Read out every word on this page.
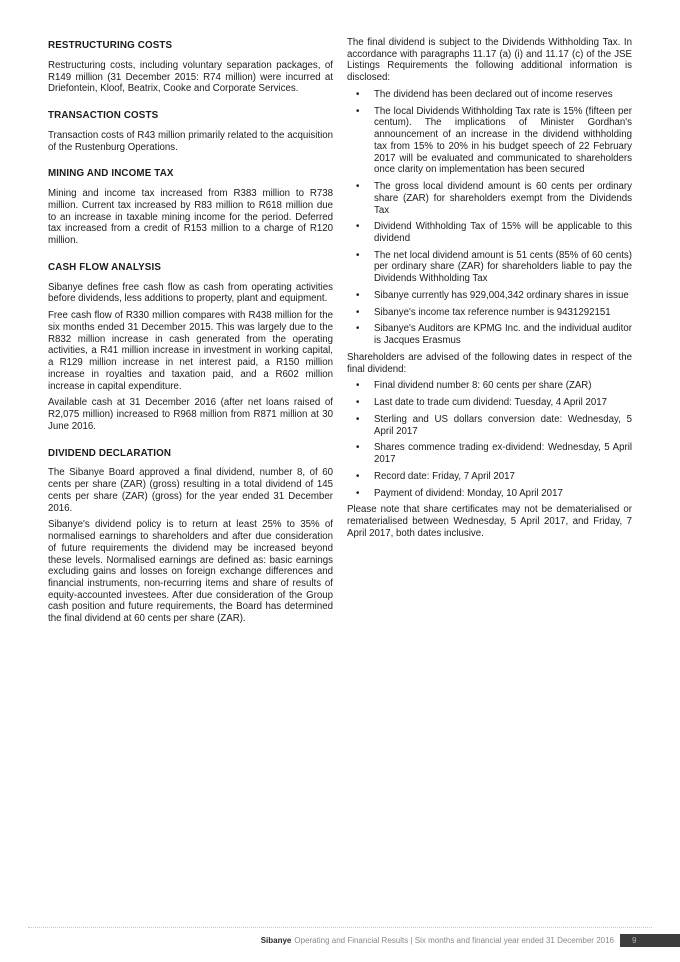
RESTRUCTURING COSTS
Restructuring costs, including voluntary separation packages, of R149 million (31 December 2015: R74 million) were incurred at Driefontein, Kloof, Beatrix, Cooke and Corporate Services.
TRANSACTION COSTS
Transaction costs of R43 million primarily related to the acquisition of the Rustenburg Operations.
MINING AND INCOME TAX
Mining and income tax increased from R383 million to R738 million. Current tax increased by R83 million to R618 million due to an increase in taxable mining income for the period. Deferred tax increased from a credit of R153 million to a charge of R120 million.
CASH FLOW ANALYSIS
Sibanye defines free cash flow as cash from operating activities before dividends, less additions to property, plant and equipment.
Free cash flow of R330 million compares with R438 million for the six months ended 31 December 2015. This was largely due to the R832 million increase in cash generated from the operating activities, a R41 million increase in investment in working capital, a R129 million increase in net interest paid, a R150 million increase in royalties and taxation paid, and a R602 million increase in capital expenditure.
Available cash at 31 December 2016 (after net loans raised of R2,075 million) increased to R968 million from R871 million at 30 June 2016.
DIVIDEND DECLARATION
The Sibanye Board approved a final dividend, number 8, of 60 cents per share (ZAR) (gross) resulting in a total dividend of 145 cents per share (ZAR) (gross) for the year ended 31 December 2016.
Sibanye's dividend policy is to return at least 25% to 35% of normalised earnings to shareholders and after due consideration of future requirements the dividend may be increased beyond these levels. Normalised earnings are defined as: basic earnings excluding gains and losses on foreign exchange differences and financial instruments, non-recurring items and share of results of equity-accounted investees. After due consideration of the Group cash position and future requirements, the Board has determined the final dividend at 60 cents per share (ZAR).
The final dividend is subject to the Dividends Withholding Tax. In accordance with paragraphs 11.17 (a) (i) and 11.17 (c) of the JSE Listings Requirements the following additional information is disclosed:
•	The dividend has been declared out of income reserves
•	The local Dividends Withholding Tax rate is 15% (fifteen per centum). The implications of Minister Gordhan's announcement of an increase in the dividend withholding tax from 15% to 20% in his budget speech of 22 February 2017 will be evaluated and communicated to shareholders once clarity on implementation has been secured
•	The gross local dividend amount is 60 cents per ordinary share (ZAR) for shareholders exempt from the Dividends Tax
•	Dividend Withholding Tax of 15% will be applicable to this dividend
•	The net local dividend amount is 51 cents (85% of 60 cents) per ordinary share (ZAR) for shareholders liable to pay the Dividends Withholding Tax
•	Sibanye currently has 929,004,342 ordinary shares in issue
•	Sibanye's income tax reference number is 9431292151
•	Sibanye's Auditors are KPMG Inc. and the individual auditor is Jacques Erasmus
Shareholders are advised of the following dates in respect of the final dividend:
•	Final dividend number 8: 60 cents per share (ZAR)
•	Last date to trade cum dividend: Tuesday, 4 April 2017
•	Sterling and US dollars conversion date: Wednesday, 5 April 2017
•	Shares commence trading ex-dividend: Wednesday, 5 April 2017
•	Record date: Friday, 7 April 2017
•	Payment of dividend: Monday, 10 April 2017
Please note that share certificates may not be dematerialised or rematerialised between Wednesday, 5 April 2017, and Friday, 7 April 2017, both dates inclusive.
Sibanye Operating and Financial Results | Six months and financial year ended 31 December 2016	9
